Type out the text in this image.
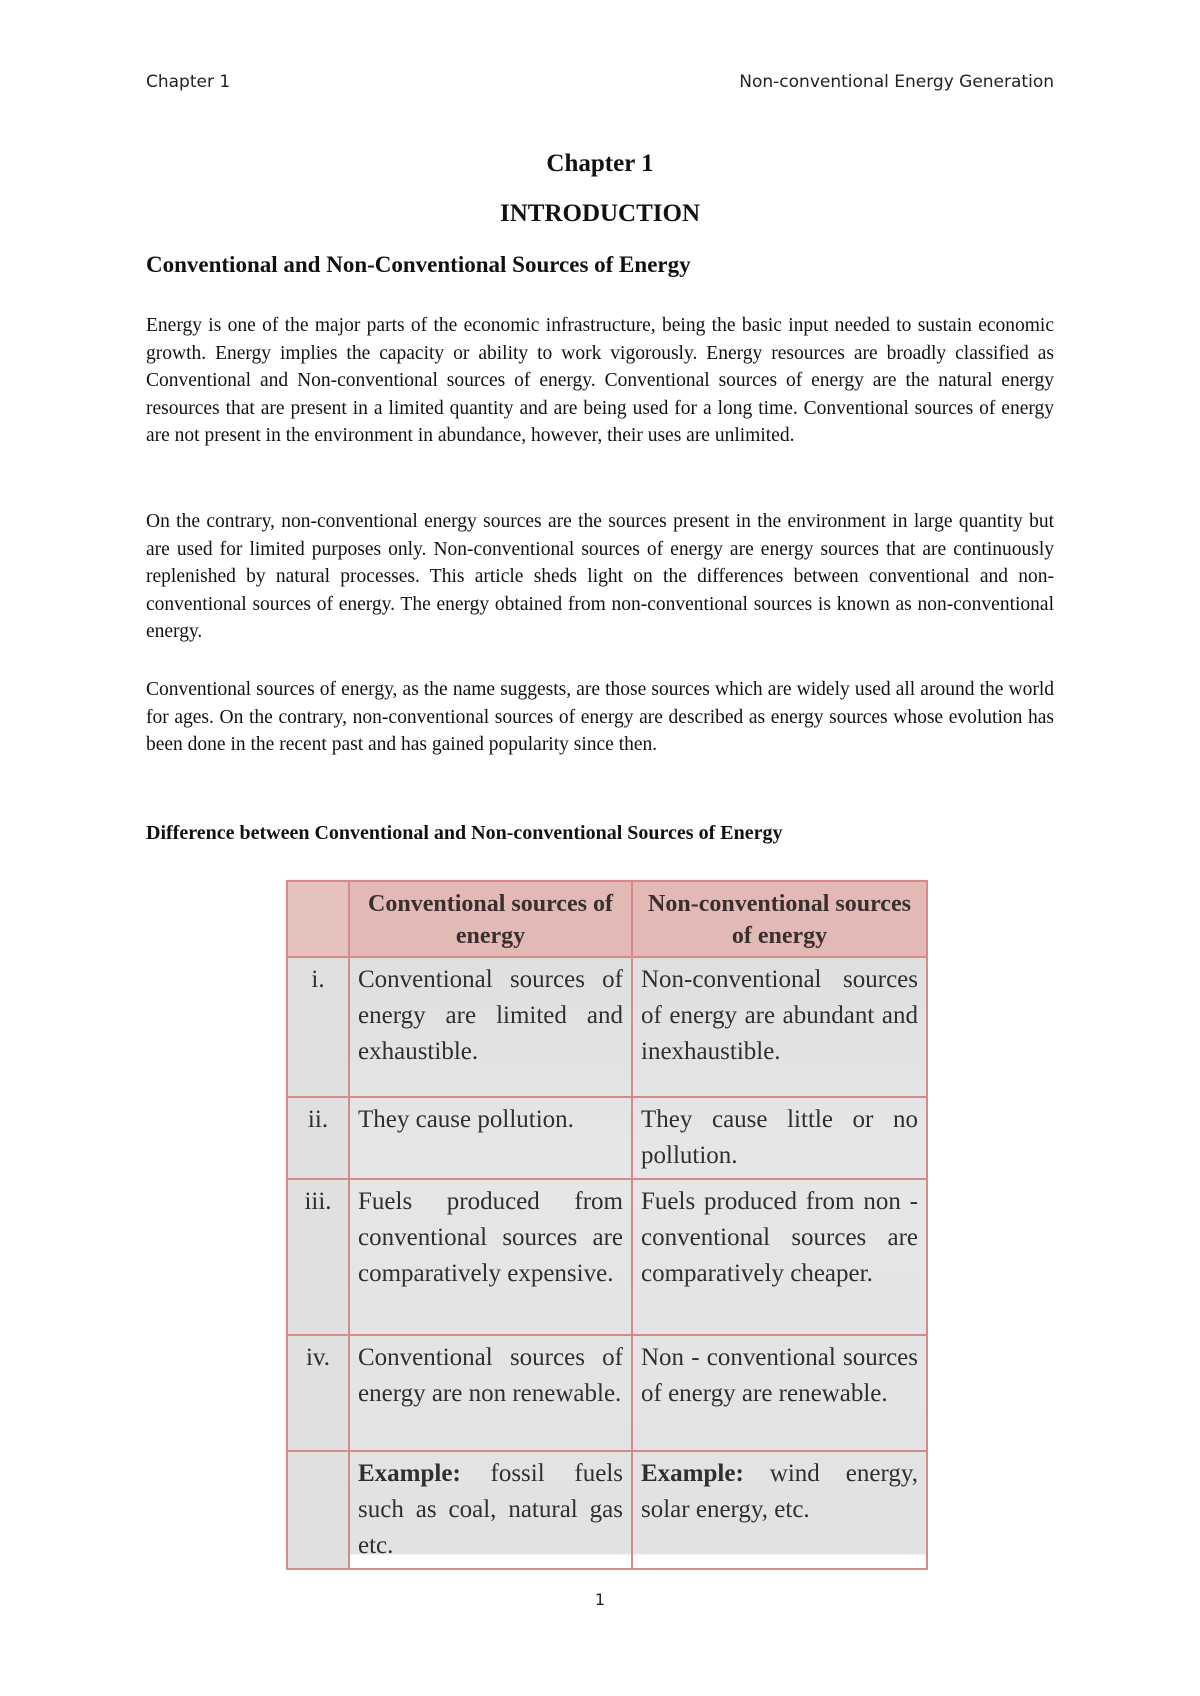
Chapter 1	Non-conventional Energy Generation
Chapter 1
INTRODUCTION
Conventional and Non-Conventional Sources of Energy

Energy is one of the major parts of the economic infrastructure, being the basic input needed to sustain economic growth. Energy implies the capacity or ability to work vigorously. Energy resources are broadly classified as Conventional and Non-conventional sources of energy. Conventional sources of energy are the natural energy resources that are present in a limited quantity and are being used for a long time. Conventional sources of energy are not present in the environment in abundance, however, their uses are unlimited.

On the contrary, non-conventional energy sources are the sources present in the environment in large quantity but are used for limited purposes only. Non-conventional sources of energy are energy sources that are continuously replenished by natural processes. This article sheds light on the differences between conventional and non-conventional sources of energy. The energy obtained from non-conventional sources is known as non-conventional energy.

Conventional sources of energy, as the name suggests, are those sources which are widely used all around the world for ages. On the contrary, non-conventional sources of energy are described as energy sources whose evolution has been done in the recent past and has gained popularity since then.

Difference between Conventional and Non-conventional Sources of Energy
	Conventional sources of energy	Non-conventional sources of energy
i.	Conventional sources of energy are limited and exhaustible.	Non-conventional sources of energy are abundant and inexhaustible.
ii.	They cause pollution.	They cause little or no pollution.
iii.	Fuels produced from conventional sources are comparatively expensive.	Fuels produced from non - conventional sources are comparatively cheaper.
iv.	Conventional sources of energy are non renewable.	Non - conventional sources of energy are renewable.
	Example: fossil fuels such as coal, natural gas etc.	Example: wind energy, solar energy, etc.
1
